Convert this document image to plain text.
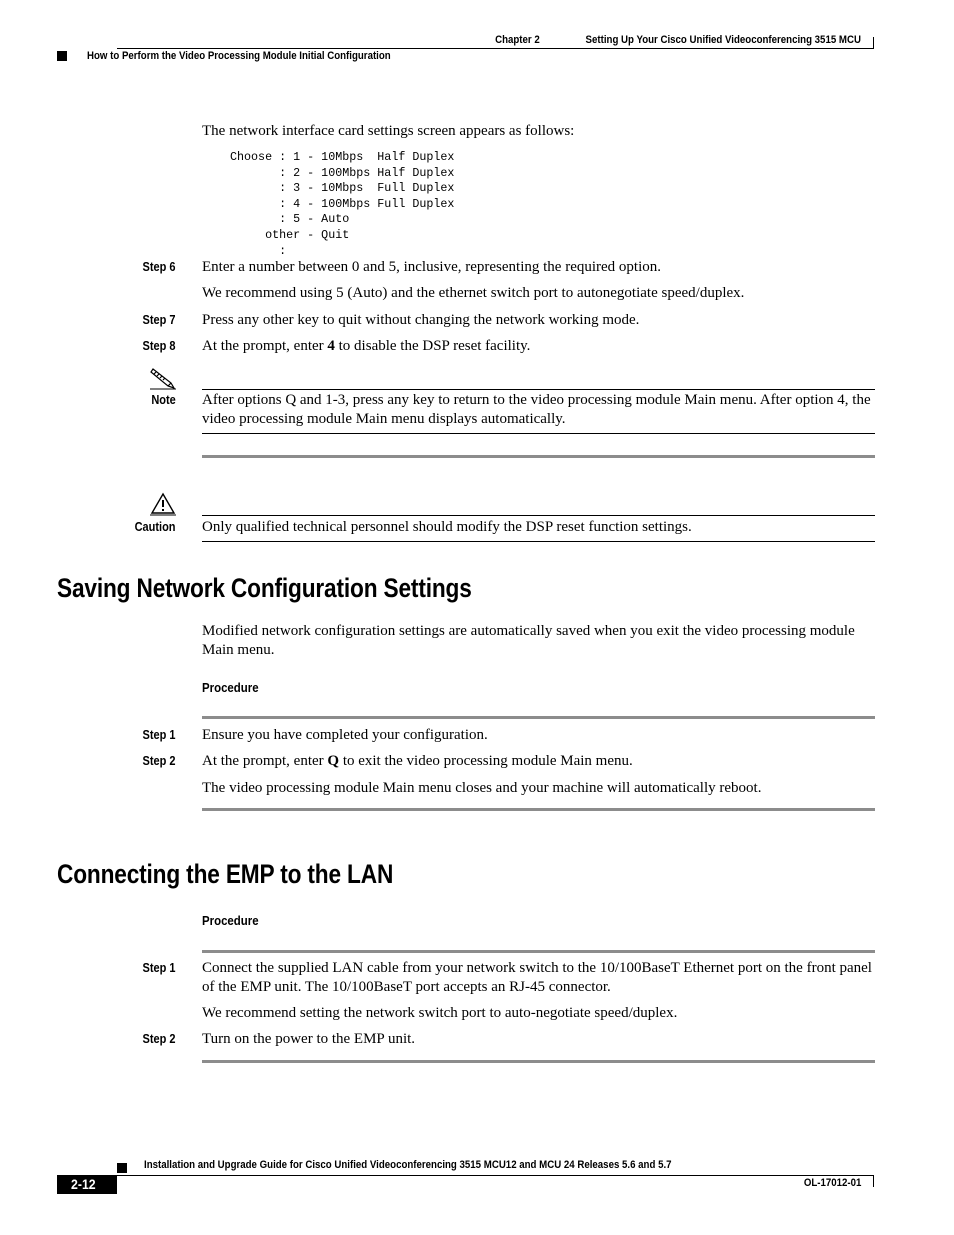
Setting Up Your Cisco Unified Videoconferencing 3515 MCU
Chapter 2
How to Perform the Video Processing Module Initial Configuration
The network interface card settings screen appears as follows:
Choose : 1 - 10Mbps  Half Duplex
: 2 - 100Mbps Half Duplex
: 3 - 10Mbps  Full Duplex
: 4 - 100Mbps Full Duplex
: 5 - Auto
other - Quit
:
Step 6 Enter a number between 0 and 5, inclusive, representing the required option.
We recommend using 5 (Auto) and the ethernet switch port to autonegotiate speed/duplex.
Step 7 Press any other key to quit without changing the network working mode.
Step 8 At the prompt, enter 4 to disable the DSP reset facility.
Note After options Q and 1-3, press any key to return to the video processing module Main menu. After option 4, the video processing module Main menu displays automatically.
Caution Only qualified technical personnel should modify the DSP reset function settings.
Saving Network Configuration Settings
Modified network configuration settings are automatically saved when you exit the video processing module Main menu.
Procedure
Step 1 Ensure you have completed your configuration.
Step 2 At the prompt, enter Q to exit the video processing module Main menu.
The video processing module Main menu closes and your machine will automatically reboot.
Connecting the EMP to the LAN
Procedure
Step 1 Connect the supplied LAN cable from your network switch to the 10/100BaseT Ethernet port on the front panel of the EMP unit. The 10/100BaseT port accepts an RJ-45 connector.
We recommend setting the network switch port to auto-negotiate speed/duplex.
Step 2 Turn on the power to the EMP unit.
Installation and Upgrade Guide for Cisco Unified Videoconferencing 3515 MCU12 and MCU 24 Releases 5.6 and 5.7
2-12	OL-17012-01
